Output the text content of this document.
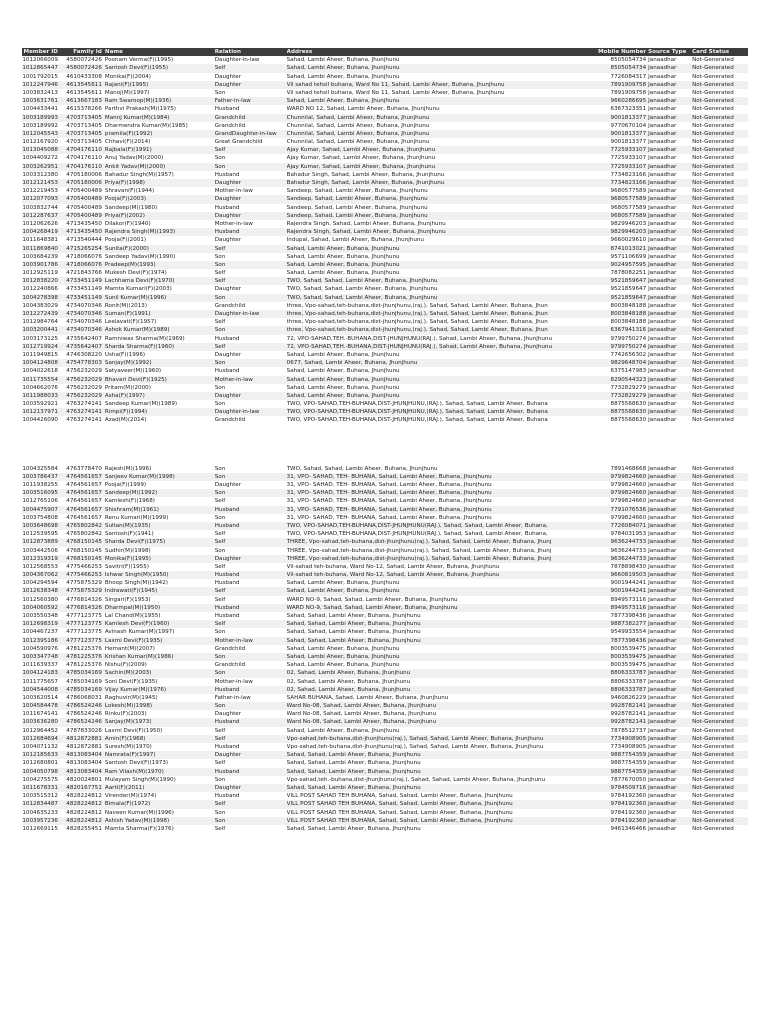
Member ID	Family Id Name	Relation	Address	Mobile Number Source Type	Card Status
1012066009	4580072426 Poonam Verma(F)(1995)	Daughter-in-law	Sahad, Lambi Aheer, Buhana, Jhunjhunu	8505054734 Janaadhar	Not-Generated
1012865447	4580072426 Santosh Devi(F)(1955)	Self	Sahad, Lambi Aheer, Buhana, Jhunjhunu	8505054734 Janaadhar	Not-Generated
1001792015	4610433308 Monika(F)(2004)	Daughter	Sahad, Lambi Aheer, Buhana, Jhunjhunu	7726084317 Janaadhar	Not-Generated
1012247946	4613545611 Rajani(F)(1995)	Daughter	Vil sahad tehsil buhana, Ward No 11, Sahad, Lambi Aheer, Buhana, Jhunjhunu	7891909758 Janaadhar	Not-Generated
1003832413	4613545611 Manoj(M)(1997)	Son	Vil sahad tehsil buhana, Ward No 11, Sahad, Lambi Aheer, Buhana, Jhunjhunu	7891909758 Janaadhar	Not-Generated
1003631761	4613667183 Ram Swaroop(M)(1936)	Father-in-law	Sahad, Lambi Aheer, Buhana, Jhunjhunu	9660286695 Janaadhar	Not-Generated
1004433441	4615378266 Parthvi Prakash(M)(1975)	Husband	WARD NO 12, Sahad, Lambi Aheer, Buhana, Jhunjhunu	6367323351 Janaadhar	Not-Generated
1003189993	4703713405 Mannj Kumar(M)(1984)	Grandchild	Chunnilal, Sahad, Lambi Aheer, Buhana, Jhunjhunu	9001813377 Janaadhar	Not-Generated
1003189992	4703713405 Dharmendra Kumar(M)(1985)	Grandchild	Chunnilal, Sahad, Lambi Aheer, Buhana, Jhunjhunu	9770670104 Janaadhar	Not-Generated
1012045543	4703713405 pramila(F)(1992)	GrandDaughter-in-law	Chunnilal, Sahad, Lambi Aheer, Buhana, Jhunjhunu	9001813377 Janaadhar	Not-Generated
1012167920	4703713405 Chhavi(F)(2014)	Great Grandchild	Chunnilal, Sahad, Lambi Aheer, Buhana, Jhunjhunu	9001813377 Janaadhar	Not-Generated
1013045088	4704176110 Rajbala(F)(1991)	Self	Ajay Kumar, Sahad, Lambi Aheer, Buhana, Jhunjhunu	7725933107 Janaadhar	Not-Generated
1004409272	4704176110 Anuj Yadav(M)(2000)	Son	Ajay Kumar, Sahad, Lambi Aheer, Buhana, Jhunjhunu	7725933107 Janaadhar	Not-Generated
1003262951	4704176110 Ankit Yadav(M)(2000)	Son	Ajay Kumar, Sahad, Lambi Aheer, Buhana, Jhunjhunu	7725933107 Janaadhar	Not-Generated
1003312380	4705180006 Bahadur Singh(M)(1957)	Husband	Bahadur Singh, Sahad, Lambi Aheer, Buhana, Jhunjhunu	7734823166 Janaadhar	Not-Generated
1012121453	4705180006 Priya(F)(1998)	Daughter	Bahadur Singh, Sahad, Lambi Aheer, Buhana, Jhunjhunu	7734823166 Janaadhar	Not-Generated
1012219453	4705400489 Shravan(F)(1944)	Mother-in-law	Sandeep, Sahad, Lambi Aheer, Buhana, Jhunjhunu	9680577589 Janaadhar	Not-Generated
1012077093	4705400489 Pooja(F)(2003)	Daughter	Sandeep, Sahad, Lambi Aheer, Buhana, Jhunjhunu	9680577589 Janaadhar	Not-Generated
1003832744	4705400489 Sandeep(M)(1980)	Husband	Sandeep, Sahad, Lambi Aheer, Buhana, Jhunjhunu	9680577589 Janaadhar	Not-Generated
1012287637	4705400489 Priya(F)(2002)	Daughter	Sandeep, Sahad, Lambi Aheer, Buhana, Jhunjhunu	9680577589 Janaadhar	Not-Generated
1012062626	4713435450 Dilakor(F)(1940)	Mother-in-law	Rajendra Singh, Sahad, Lambi Aheer, Buhana, Jhunjhunu	9829946203 Janaadhar	Not-Generated
1004268419	4713435450 Rajendra Singh(M)(1993)	Husband	Rajendra Singh, Sahad, Lambi Aheer, Buhana, Jhunjhunu	9829946203 Janaadhar	Not-Generated
1011648381	4713540444 Pooja(F)(2001)	Daughter	Indupal, Sahad, Lambi Aheer, Buhana, Jhunjhunu	9660029610 Janaadhar	Not-Generated
1011869840	4715265254 Sunita(F)(2000)	Self	Sahad, Lambi Aheer, Buhana, Jhunjhunu	8741013021 Janaadhar	Not-Generated
1003684239	4718066076 Sandeep Yadav(M)(1990)	Son	Sahad, Lambi Aheer, Buhana, Jhunjhunu	9571106699 Janaadhar	Not-Generated
1003901786	4718066076 Pradeep(M)(1993)	Son	Sahad, Lambi Aheer, Buhana, Jhunjhunu	9024957595 Janaadhar	Not-Generated
1012925119	4721843766 Mukesh Devi(F)(1974)	Self	Sahad, Lambi Aheer, Buhana, Jhunjhunu	7878082251 Janaadhar	Not-Generated
1012838220	4733451149 Lachhama Devi(F)(1970)	Self	TWO, Sahad, Sahad, Lambi Aheer, Buhana, Jhunjhunu	9521859647 Janaadhar	Not-Generated
1012240866	4733451149 Mamta Kumari(F)(2003)	Daughter	TWO, Sahad, Sahad, Lambi Aheer, Buhana, Jhunjhunu	9521859647 Janaadhar	Not-Generated
1004278398	4733451149 Sunil Kumar(M)(1996)	Son	TWO, Sahad, Sahad, Lambi Aheer, Buhana, Jhunjhunu	9521859647 Janaadhar	Not-Generated
1004383029	4734070346 Ronit(M)(2013)	Grandchild	three, Vpo-sahad,teh-buhana,dist-jhunjhunu,(raj.), Sahad, Sahad, Lambi Aheer, Buhana, Jhun	8003848188 Janaadhar	Not-Generated
1012272439	4734070346 Suman(F)(1991)	Daughter-in-law	three, Vpo-sahad,teh-buhana,dist-jhunjhunu,(raj.), Sahad, Sahad, Lambi Aheer, Buhana, Jhun	8003848188 Janaadhar	Not-Generated
1012984764	4734070346 Leelavati(F)(1957)	Self	three, Vpo-sahad,teh-buhana,dist-jhunjhunu,(raj.), Sahad, Sahad, Lambi Aheer, Buhana, Jhun	8003848188 Janaadhar	Not-Generated
1003200441	4734070346 Ashok Kumar(M)(1989)	Son	three, Vpo-sahad,teh-buhana,dist-jhunjhunu,(raj.), Sahad, Sahad, Lambi Aheer, Buhana, Jhun	6367941316 Janaadhar	Not-Generated
1003173125	4735642407 Ramniwas Sharma(M)(1969)	Husband	72, VPO-SAHAD,TEH.-BUHANA,DIST-JHUNJHUNU(RAJ.), Sahad, Lambi Aheer, Buhana, Jhunjhunu	9799750274 Janaadhar	Not-Generated
1012719924	4735642407 Sharda Sharma(F)(1960)	Self	72, VPO-SAHAD,TEH.-BUHANA,DIST-JHUNJHUNU(RAJ.), Sahad, Lambi Aheer, Buhana, Jhunjhunu	9799750274 Janaadhar	Not-Generated
1011949815	4746308220 Usha(F)(1996)	Daughter	Sahad, Lambi Aheer, Buhana, Jhunjhunu	7742656302 Janaadhar	Not-Generated
1004124808	4754778303 Sanjay(M)(1992)	Son	0677, Sahad, Lambi Aheer, Buhana, Jhunjhunu	9829648704 Janaadhar	Not-Generated
1004022618	4756232029 Satyaveer(M)(1960)	Husband	Sahad, Lambi Aheer, Buhana, Jhunjhunu	6375147983 Janaadhar	Not-Generated
1011735554	4756232029 Bhavari Devi(F)(1925)	Mother-in-law	Sahad, Lambi Aheer, Buhana, Jhunjhunu	8290544323 Janaadhar	Not-Generated
1004662076	4756232029 Pritam(M)(2000)	Son	Sahad, Lambi Aheer, Buhana, Jhunjhunu	7732829279 Janaadhar	Not-Generated
1011988033	4756232029 Asha(F)(1997)	Daughter	Sahad, Lambi Aheer, Buhana, Jhunjhunu	7732829279 Janaadhar	Not-Generated
1003592921	4763274141 Sandeep Kumar(M)(1989)	Son	TWO, VPO-SAHAD,TEH-BUHANA,DIST-JHUNJHUNU,(RAJ.), Sahad, Sahad, Lambi Aheer, Buhana	8875568630 Janaadhar	Not-Generated
1012137971	4763274141 Rimpi(F)(1994)	Daughter-in-law	TWO, VPO-SAHAD,TEH-BUHANA,DIST-JHUNJHUNU,(RAJ.), Sahad, Sahad, Lambi Aheer, Buhana	8875568630 Janaadhar	Not-Generated
1004426090	4763274141 Azad(M)(2014)	Grandchild	TWO, VPO-SAHAD,TEH-BUHANA,DIST-JHUNJHUNU,(RAJ.), Sahad, Sahad, Lambi Aheer, Buhana	8875568630 Janaadhar	Not-Generated
1004325584	4763778470 Rajesh(M)(1996)	Son	TWO, Sahad, Sahad, Lambi Aheer, Buhana, Jhunjhunu	7891468668 Janaadhar	Not-Generated
1003786437	4764561657 Sanjeev Kumar(M)(1998)	Son	31, VPO- SAHAD, TEH- BUHANA, Sahad, Lambi Aheer, Buhana, Jhunjhunu	9799824660 Janaadhar	Not-Generated
1011938255	4764561657 Pooja(F)(1999)	Daughter	31, VPO- SAHAD, TEH- BUHANA, Sahad, Lambi Aheer, Buhana, Jhunjhunu	9799824660 Janaadhar	Not-Generated
1003516095	4764561657 Sandeep(M)(1992)	Son	31, VPO- SAHAD, TEH- BUHANA, Sahad, Lambi Aheer, Buhana, Jhunjhunu	9799824660 Janaadhar	Not-Generated
1012765106	4764561657 Kamlesh(F)(1968)	Self	31, VPO- SAHAD, TEH- BUHANA, Sahad, Lambi Aheer, Buhana, Jhunjhunu	9799824660 Janaadhar	Not-Generated
1004475907	4764561657 Shishram(M)(1961)	Husband	31, VPO- SAHAD, TEH- BUHANA, Sahad, Lambi Aheer, Buhana, Jhunjhunu	7791076536 Janaadhar	Not-Generated
1003754808	4764561657 Renu Kumari(M)(1999)	Son	31, VPO- SAHAD, TEH- BUHANA, Sahad, Lambi Aheer, Buhana, Jhunjhunu	9799824660 Janaadhar	Not-Generated
1003648698	4765802842 Sultan(M)(1935)	Husband	TWO, VPO-SAHAD,TEH-BUHANA,DIST-JHUNJHUNU(RAJ.), Sahad, Sahad, Lambi Aheer, Buhana,	7726084071 Janaadhar	Not-Generated
1012539595	4765802842 Santosh(F)(1941)	Self	TWO, VPO-SAHAD,TEH-BUHANA,DIST-JHUNJHUNU(RAJ.), Sahad, Sahad, Lambi Aheer, Buhana,	9784031953 Janaadhar	Not-Generated
1012873889	4768150145 Sharda Devi(F)(1975)	Self	THREE, Vpo-sahad,teh-buhana,dist-jhunjhunu(raj.), Sahad, Sahad, Lambi Aheer, Buhana, Jhunj	9636244733 Janaadhar	Not-Generated
1003442506	4768150145 Sudhir(M)(1998)	Son	THREE, Vpo-sahad,teh-buhana,dist-jhunjhunu(raj.), Sahad, Sahad, Lambi Aheer, Buhana, Jhunj	9636244733 Janaadhar	Not-Generated
1012319319	4768150145 Monika(F)(1995)	Daughter	THREE, Vpo-sahad,teh-buhana,dist-jhunjhunu(raj.), Sahad, Sahad, Lambi Aheer, Buhana, Jhunj	9636244733 Janaadhar	Not-Generated
1012568553	4775466253 Savitri(F)(1955)	Self	Vil-sahad teh-buhana, Ward No-12, Sahad, Lambi Aheer, Buhana, Jhunjhunu	7878898430 Janaadhar	Not-Generated
1004367062	4775466253 Ishwar Singh(M)(1950)	Husband	Vil-sahad teh-buhana, Ward No-12, Sahad, Lambi Aheer, Buhana, Jhunjhunu	9660819503 Janaadhar	Not-Generated
1004294594	4775875329 Bhoop Singh(M)(1942)	Husband	Sahad, Lambi Aheer, Buhana, Jhunjhunu	9001944241 Janaadhar	Not-Generated
1012638348	4775875329 Indrawati(F)(1945)	Self	Sahad, Lambi Aheer, Buhana, Jhunjhunu	9001944241 Janaadhar	Not-Generated
1012560380	4776814326 Singari(F)(1953)	Self	WARD NO-9, Sahad, Sahad, Lambi Aheer, Buhana, Jhunjhunu	8949573116 Janaadhar	Not-Generated
1004060592	4776814326 Dharmpal(M)(1950)	Husband	WARD NO-9, Sahad, Sahad, Lambi Aheer, Buhana, Jhunjhunu	8949573116 Janaadhar	Not-Generated
1003550348	4777123775 Lal Chand(M)(1955)	Husband	Sahad, Sahad, Lambi Aheer, Buhana, Jhunjhunu	7877398436 Janaadhar	Not-Generated
1012698319	4777123775 Kamlesh Devi(F)(1960)	Self	Sahad, Sahad, Lambi Aheer, Buhana, Jhunjhunu	9887382277 Janaadhar	Not-Generated
1004467237	4777123775 Avinash Kumar(M)(1997)	Son	Sahad, Sahad, Lambi Aheer, Buhana, Jhunjhunu	9549933554 Janaadhar	Not-Generated
1012395186	4777123775 Laxmi Devi(F)(1935)	Mother-in-law	Sahad, Sahad, Lambi Aheer, Buhana, Jhunjhunu	7877398436 Janaadhar	Not-Generated
1004590976	4781225376 Hemant(M)(2007)	Grandchild	Sahad, Lambi Aheer, Buhana, Jhunjhunu	8003539475 Janaadhar	Not-Generated
1003347748	4781225376 Krishan Kumar(M)(1986)	Son	Sahad, Lambi Aheer, Buhana, Jhunjhunu	8003539475 Janaadhar	Not-Generated
1011639337	4781225376 Nishu(F)(2009)	Grandchild	Sahad, Lambi Aheer, Buhana, Jhunjhunu	8003539475 Janaadhar	Not-Generated
1004124183	4785034169 Sachin(M)(2003)	Son	02, Sahad, Lambi Aheer, Buhana, Jhunjhunu	8806333787 Janaadhar	Not-Generated
1011775657	4785034169 Soni Devi(F)(1935)	Mother-in-law	02, Sahad, Lambi Aheer, Buhana, Jhunjhunu	8806333787 Janaadhar	Not-Generated
1004544008	4785034169 Vijay Kumar(M)(1976)	Husband	02, Sahad, Lambi Aheer, Buhana, Jhunjhunu	8806333787 Janaadhar	Not-Generated
1003620514	4786068031 Raghuvir(M)(1945)	Father-in-law	SAHAR BUHANA, Sahad, Lambi Aheer, Buhana, Jhunjhunu	9460826229 Janaadhar	Not-Generated
1004584478	4786524246 Lokesh(M)(1998)	Son	Ward No-08, Sahad, Lambi Aheer, Buhana, Jhunjhunu	9928782141 Janaadhar	Not-Generated
1011674141	4786524246 Rinku(F)(2003)	Daughter	Ward No-08, Sahad, Lambi Aheer, Buhana, Jhunjhunu	9928782141 Janaadhar	Not-Generated
1003636280	4786524246 Sanjay(M)(1973)	Husband	Ward No-08, Sahad, Lambi Aheer, Buhana, Jhunjhunu	9928782141 Janaadhar	Not-Generated
1012964452	4787833026 Laxmi Devi(F)(1950)	Self	Sahad, Lambi Aheer, Buhana, Jhunjhunu	7878512737 Janaadhar	Not-Generated
1012684694	4812872881 Amin(F)(1968)	Self	Vpo-sahad,teh-buhana,dist-jhunjhunu(raj.), Sahad, Sahad, Lambi Aheer, Buhana, Jhunjhunu	7734908905 Janaadhar	Not-Generated
1004071132	4812872881 Suresh(M)(1970)	Husband	Vpo-sahad,teh-buhana,dist-jhunjhunu(raj.), Sahad, Sahad, Lambi Aheer, Buhana, Jhunjhunu	7734908905 Janaadhar	Not-Generated
1012185633	4813083404 Namrata(F)(1997)	Daughter	Sahad, Sahad, Lambi Aheer, Buhana, Jhunjhunu	9887754359 Janaadhar	Not-Generated
1012680801	4813083404 Santosh Devi(F)(1973)	Self	Sahad, Sahad, Lambi Aheer, Buhana, Jhunjhunu	9887754359 Janaadhar	Not-Generated
1004050798	4813083404 Ram Vilash(M)(1970)	Husband	Sahad, Sahad, Lambi Aheer, Buhana, Jhunjhunu	9887754359 Janaadhar	Not-Generated
1004275575	4820024801 Mulayam Singh(M)(1990)	Son	Vpo-sahad,teh.-buhana,dist-jhunjhunu(raj.), Sahad, Sahad, Lambi Aheer, Buhana, Jhunjhunu	7877670050 Janaadhar	Not-Generated
1011678331	4820167751 Aarti(F)(2011)	Daughter	Sahad, Sahad, Lambi Aheer, Buhana, Jhunjhunu	9784509716 Janaadhar	Not-Generated
1003515312	4828224812 Virender(M)(1974)	Husband	VILL POST SAHAD TEH BUHANA, Sahad, Sahad, Lambi Aheer, Buhana, Jhunjhunu	9784192360 Janaadhar	Not-Generated
1012834487	4828224812 Bimala(F)(1972)	Self	VILL POST SAHAD TEH BUHANA, Sahad, Sahad, Lambi Aheer, Buhana, Jhunjhunu	9784192360 Janaadhar	Not-Generated
1004635233	4828224812 Naveen Kumar(M)(1996)	Son	VILL POST SAHAD TEH BUHANA, Sahad, Sahad, Lambi Aheer, Buhana, Jhunjhunu	9784192360 Janaadhar	Not-Generated
1003957236	4828224812 Ashish Yadav(M)(1998)	Son	VILL POST SAHAD TEH BUHANA, Sahad, Sahad, Lambi Aheer, Buhana, Jhunjhunu	9784192360 Janaadhar	Not-Generated
1012669115	4828255451 Mamta Sharma(F)(1976)	Self	Sahad, Sahad, Lambi Aheer, Buhana, Jhunjhunu	9461346466 Janaadhar	Not-Generated
